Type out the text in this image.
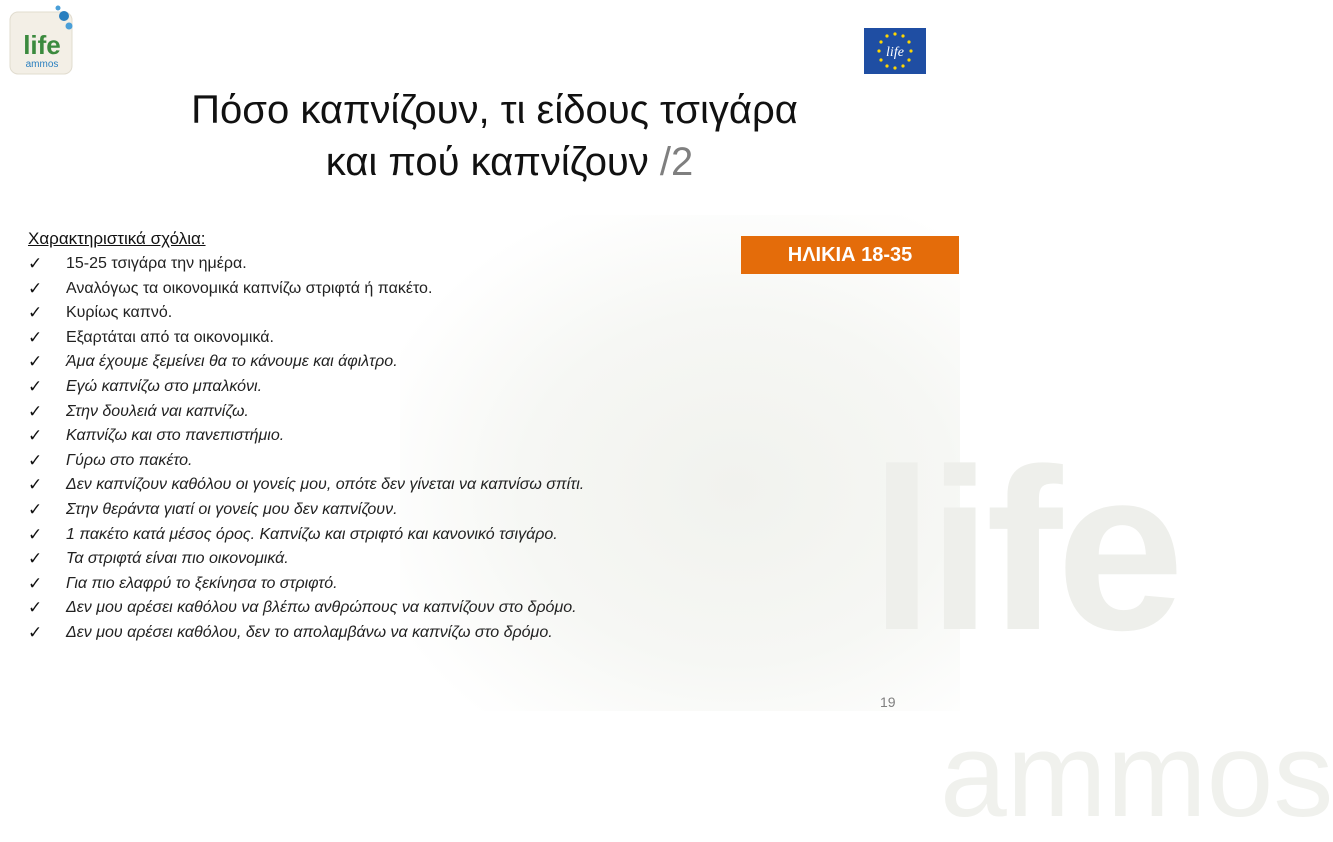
life
ammos
life
ammos
life
Πόσο καπνίζουν, τι είδους τσιγάρα
και πού καπνίζουν /2
ΗΛΙΚΙΑ 18-35
Χαρακτηριστικά σχόλια:
✓ 15-25 τσιγάρα την ημέρα.
✓ Αναλόγως τα οικονομικά καπνίζω στριφτά ή πακέτο.
✓ Κυρίως καπνό.
✓ Εξαρτάται από τα οικονομικά.
✓ Άμα έχουμε ξεμείνει θα το κάνουμε και άφιλτρο.
✓ Εγώ καπνίζω στο μπαλκόνι.
✓ Στην δουλειά ναι καπνίζω.
✓ Καπνίζω και στο πανεπιστήμιο.
✓ Γύρω στο πακέτο.
✓ Δεν καπνίζουν καθόλου οι γονείς μου, οπότε δεν γίνεται να καπνίσω σπίτι.
✓ Στην θεράντα γιατί οι γονείς μου δεν καπνίζουν.
✓ 1 πακέτο κατά μέσος όρος. Καπνίζω και στριφτό και κανονικό τσιγάρο.
✓ Τα στριφτά είναι πιο οικονομικά.
✓ Για πιο ελαφρύ το ξεκίνησα το στριφτό.
✓ Δεν μου αρέσει καθόλου να βλέπω ανθρώπους να καπνίζουν στο δρόμο.
✓ Δεν μου αρέσει καθόλου, δεν το απολαμβάνω να καπνίζω στο δρόμο.
19
